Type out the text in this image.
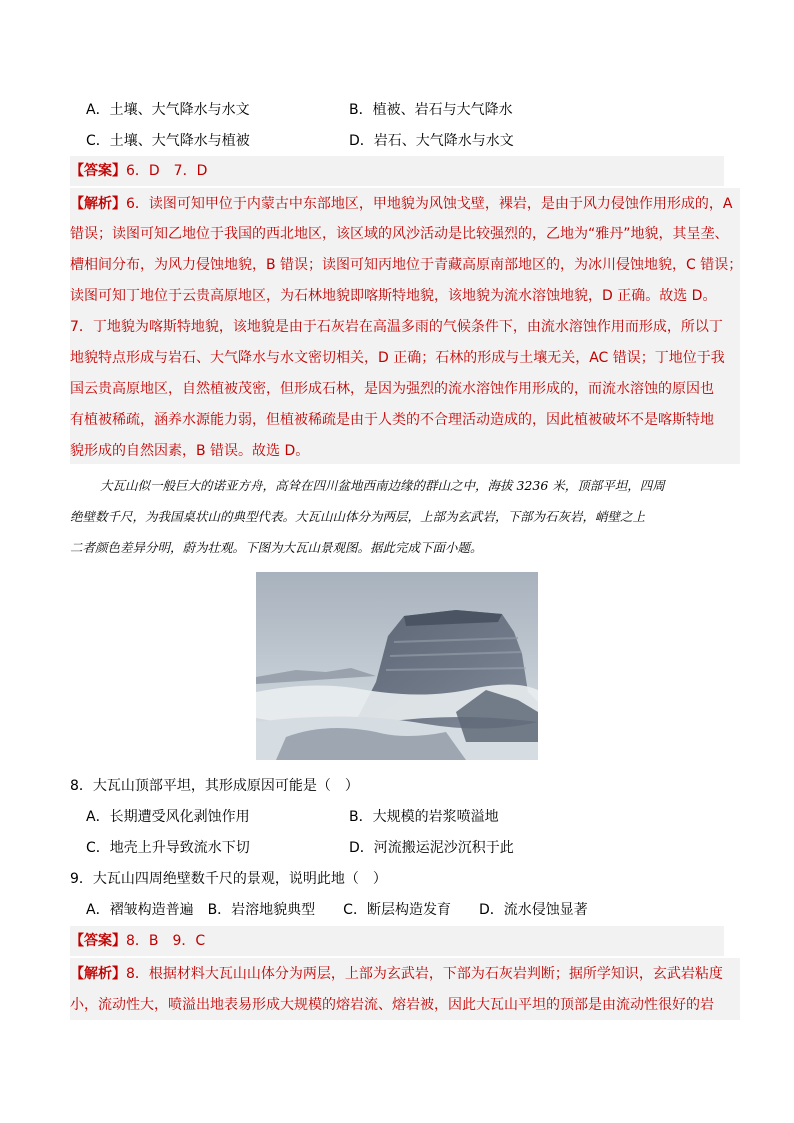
A．土壤、大气降水与水文	B．植被、岩石与大气降水
C．土壤、大气降水与植被	D．岩石、大气降水与水文
【答案】6．D　7．D
【解析】6．读图可知甲位于内蒙古中东部地区，甲地貌为风蚀戈壁，裸岩，是由于风力侵蚀作用形成的，A
错误；读图可知乙地位于我国的西北地区，该区域的风沙活动是比较强烈的，乙地为“雅丹”地貌，其呈垄、
槽相间分布，为风力侵蚀地貌，B 错误；读图可知丙地位于青藏高原南部地区的，为冰川侵蚀地貌，C 错误；
读图可知丁地位于云贵高原地区，为石林地貌即喀斯特地貌，该地貌为流水溶蚀地貌，D 正确。故选 D。
7．丁地貌为喀斯特地貌，该地貌是由于石灰岩在高温多雨的气候条件下，由流水溶蚀作用而形成，所以丁
地貌特点形成与岩石、大气降水与水文密切相关，D 正确；石林的形成与土壤无关，AC 错误；丁地位于我
国云贵高原地区，自然植被茂密，但形成石林，是因为强烈的流水溶蚀作用形成的，而流水溶蚀的原因也
有植被稀疏，涵养水源能力弱，但植被稀疏是由于人类的不合理活动造成的，因此植被破坏不是喀斯特地
貌形成的自然因素，B 错误。故选 D。
大瓦山似一般巨大的诺亚方舟，高耸在四川盆地西南边缘的群山之中，海拔 3236 米，顶部平坦，四周
绝壁数千尺，为我国桌状山的典型代表。大瓦山山体分为两层，上部为玄武岩，下部为石灰岩，峭壁之上
二者颜色差异分明，蔚为壮观。下图为大瓦山景观图。据此完成下面小题。
8．大瓦山顶部平坦，其形成原因可能是（　）
A．长期遭受风化剥蚀作用	B．大规模的岩浆喷溢地
C．地壳上升导致流水下切	D．河流搬运泥沙沉积于此
9．大瓦山四周绝壁数千尺的景观，说明此地（　）
A．褶皱构造普遍　B．岩溶地貌典型　　C．断层构造发育　　D．流水侵蚀显著
【答案】8．B　9．C
【解析】8．根据材料大瓦山山体分为两层，上部为玄武岩，下部为石灰岩判断；据所学知识，玄武岩粘度
小，流动性大，喷溢出地表易形成大规模的熔岩流、熔岩被，因此大瓦山平坦的顶部是由流动性很好的岩
